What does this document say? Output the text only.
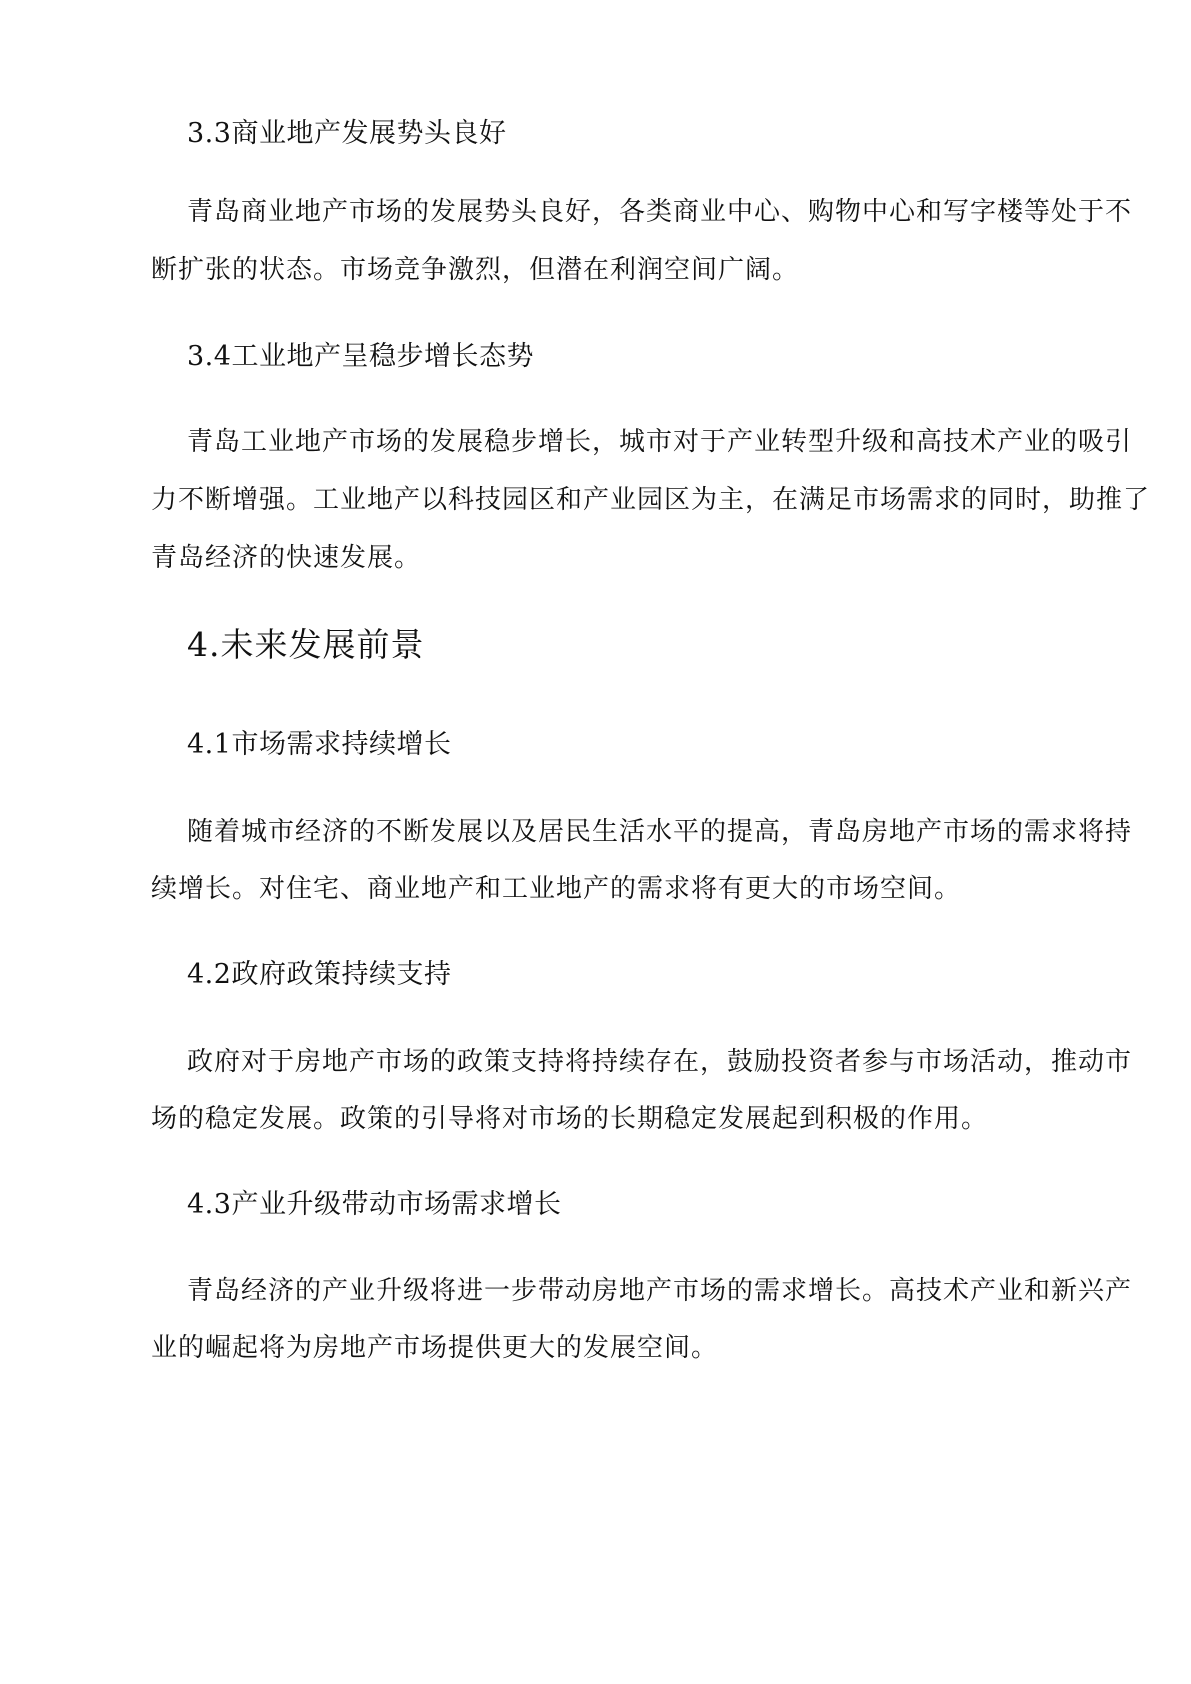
3.3商业地产发展势头良好
青岛商业地产市场的发展势头良好，各类商业中心、购物中心和写字楼等处于不
断扩张的状态。市场竞争激烈，但潜在利润空间广阔。
3.4工业地产呈稳步增长态势
青岛工业地产市场的发展稳步增长，城市对于产业转型升级和高技术产业的吸引
力不断增强。工业地产以科技园区和产业园区为主，在满足市场需求的同时，助推了
青岛经济的快速发展。
4.未来发展前景
4.1市场需求持续增长
随着城市经济的不断发展以及居民生活水平的提高，青岛房地产市场的需求将持
续增长。对住宅、商业地产和工业地产的需求将有更大的市场空间。
4.2政府政策持续支持
政府对于房地产市场的政策支持将持续存在，鼓励投资者参与市场活动，推动市
场的稳定发展。政策的引导将对市场的长期稳定发展起到积极的作用。
4.3产业升级带动市场需求增长
青岛经济的产业升级将进一步带动房地产市场的需求增长。高技术产业和新兴产
业的崛起将为房地产市场提供更大的发展空间。
